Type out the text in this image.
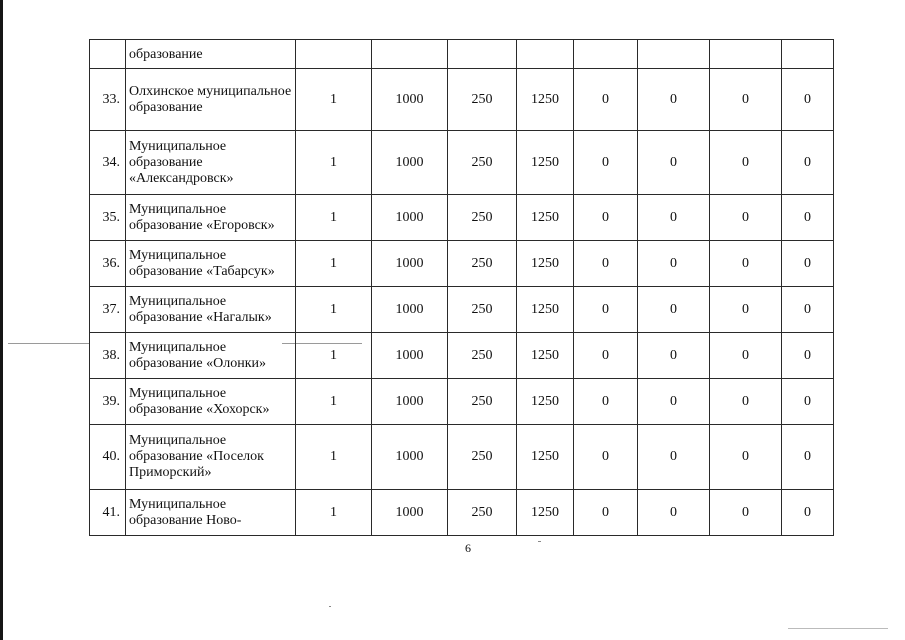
	образование								
33.	Олхинское муниципальное образование	1	1000	250	1250	0	0	0	0
34.	Муниципальное образование «Александровск»	1	1000	250	1250	0	0	0	0
35.	Муниципальное образование «Егоровск»	1	1000	250	1250	0	0	0	0
36.	Муниципальное образование «Табарсук»	1	1000	250	1250	0	0	0	0
37.	Муниципальное образование «Нагалык»	1	1000	250	1250	0	0	0	0
38.	Муниципальное образование «Олонки»	1	1000	250	1250	0	0	0	0
39.	Муниципальное образование «Хохорск»	1	1000	250	1250	0	0	0	0
40.	Муниципальное образование «Поселок Приморский»	1	1000	250	1250	0	0	0	0
41.	Муниципальное образование Ново-	1	1000	250	1250	0	0	0	0
6
